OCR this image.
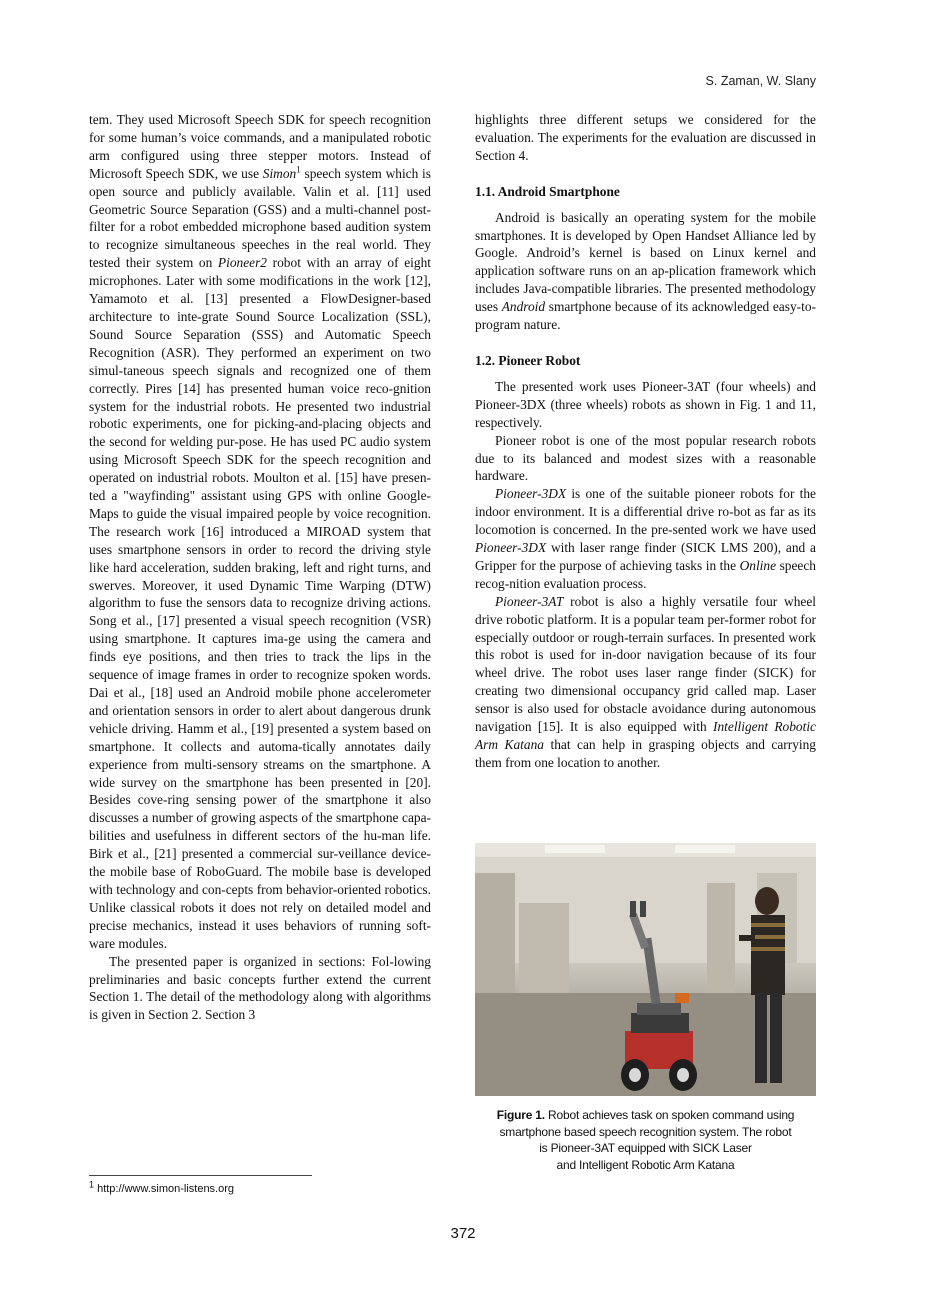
S. Zaman, W. Slany

tem. They used Microsoft Speech SDK for speech recognition for some human’s voice commands, and a manipulated robotic arm configured using three stepper motors. Instead of Microsoft Speech SDK, we use Simon$^1$ speech system which is open source and publicly available. Valin et al. [11] used Geometric Source Separation (GSS) and a multi-channel post-filter for a robot embedded microphone based audition system to recognize simultaneous speeches in the real world. They tested their system on Pioneer2 robot with an array of eight microphones. Later with some modifications in the work [12], Yamamoto et al. [13] presented a FlowDesigner-based architecture to inte-grate Sound Source Localization (SSL), Sound Source Separation (SSS) and Automatic Speech Recognition (ASR). They performed an experiment on two simul-taneous speech signals and recognized one of them correctly. Pires [14] has presented human voice reco-gnition system for the industrial robots. He presented two industrial robotic experiments, one for picking-and-placing objects and the second for welding pur-pose. He has used PC audio system using Microsoft Speech SDK for the speech recognition and operated on industrial robots. Moulton et al. [15] have presen-ted a "wayfinding" assistant using GPS with online Google-Maps to guide the visual impaired people by voice recognition. The research work [16] introduced a MIROAD system that uses smartphone sensors in order to record the driving style like hard acceleration, sudden braking, left and right turns, and swerves. Moreover, it used Dynamic Time Warping (DTW) algorithm to fuse the sensors data to recognize driving actions. Song et al., [17] presented a visual speech recognition (VSR) using smartphone. It captures ima-ge using the camera and finds eye positions, and then tries to track the lips in the sequence of image frames in order to recognize spoken words. Dai et al., [18] used an Android mobile phone accelerometer and orientation sensors in order to alert about dangerous drunk vehicle driving. Hamm et al., [19] presented a system based on smartphone. It collects and automa-tically annotates daily experience from multi-sensory streams on the smartphone. A wide survey on the smartphone has been presented in [20]. Besides cove-ring sensing power of the smartphone it also discusses a number of growing aspects of the smartphone capa-bilities and usefulness in different sectors of the hu-man life. Birk et al., [21] presented a commercial sur-veillance device- the mobile base of RoboGuard. The mobile base is developed with technology and con-cepts from behavior-oriented robotics. Unlike classical robots it does not rely on detailed model and precise mechanics, instead it uses behaviors of running soft-ware modules.

The presented paper is organized in sections: Fol-lowing preliminaries and basic concepts further extend the current Section 1. The detail of the methodology along with algorithms is given in Section 2. Section 3

highlights three different setups we considered for the evaluation. The experiments for the evaluation are discussed in Section 4.

1.1. Android Smartphone

Android is basically an operating system for the mobile smartphones. It is developed by Open Handset Alliance led by Google. Android’s kernel is based on Linux kernel and application software runs on an ap-plication framework which includes Java-compatible libraries. The presented methodology uses Android smartphone because of its acknowledged easy-to-program nature.

1.2. Pioneer Robot

The presented work uses Pioneer-3AT (four wheels) and Pioneer-3DX (three wheels) robots as shown in Fig. 1 and 11, respectively.

Pioneer robot is one of the most popular research robots due to its balanced and modest sizes with a reasonable hardware.

Pioneer-3DX is one of the suitable pioneer robots for the indoor environment. It is a differential drive ro-bot as far as its locomotion is concerned. In the pre-sented work we have used Pioneer-3DX with laser range finder (SICK LMS 200), and a Gripper for the purpose of achieving tasks in the Online speech recog-nition evaluation process.

Pioneer-3AT robot is also a highly versatile four wheel drive robotic platform. It is a popular team per-former robot for especially outdoor or rough-terrain surfaces. In presented work this robot is used for in-door navigation because of its four wheel drive. The robot uses laser range finder (SICK) for creating two dimensional occupancy grid called map. Laser sensor is also used for obstacle avoidance during autonomous navigation [15]. It is also equipped with Intelligent Robotic Arm Katana that can help in grasping objects and carrying them from one location to another.

Figure 1. Robot achieves task on spoken command using
smartphone based speech recognition system. The robot
is Pioneer-3AT equipped with SICK Laser
and Intelligent Robotic Arm Katana
$^1$ http://www.simon-listens.org
372
